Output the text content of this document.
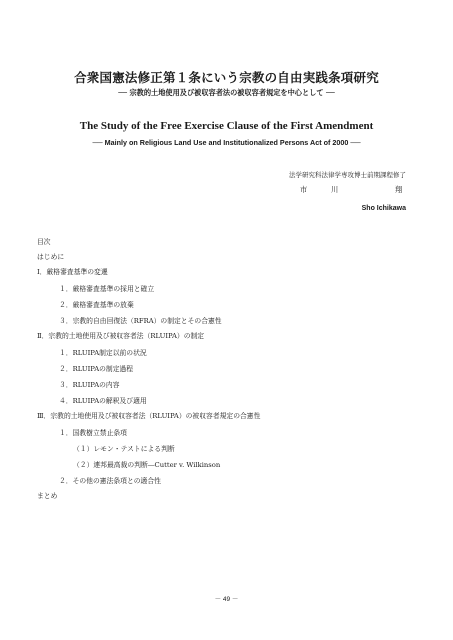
合衆国憲法修正第１条にいう宗教の自由実践条項研究
── 宗教的土地使用及び被収容者法の被収容者規定を中心として ──
The Study of the Free Exercise Clause of the First Amendment
── Mainly on Religious Land Use and Institutionalized Persons Act of 2000 ──
法学研究科法律学専攻博士前期課程修了
市	川	翔
Sho Ichikawa
目次
はじめに
Ⅰ．厳格審査基準の変遷
１．厳格審査基準の採用と確立
２．厳格審査基準の放棄
３．宗教的自由回復法（RFRA）の制定とその合憲性
Ⅱ．宗教的土地使用及び被収容者法（RLUIPA）の制定
１．RLUIPA制定以前の状況
２．RLUIPAの制定過程
３．RLUIPAの内容
４．RLUIPAの解釈及び適用
Ⅲ．宗教的土地使用及び被収容者法（RLUIPA）の被収容者規定の合憲性
１．国教樹立禁止条項
（１）レモン・テストによる判断
（２）連邦最高裁の判断―Cutter v. Wilkinson
２．その他の憲法条項との適合性
まとめ
－ 49 －
